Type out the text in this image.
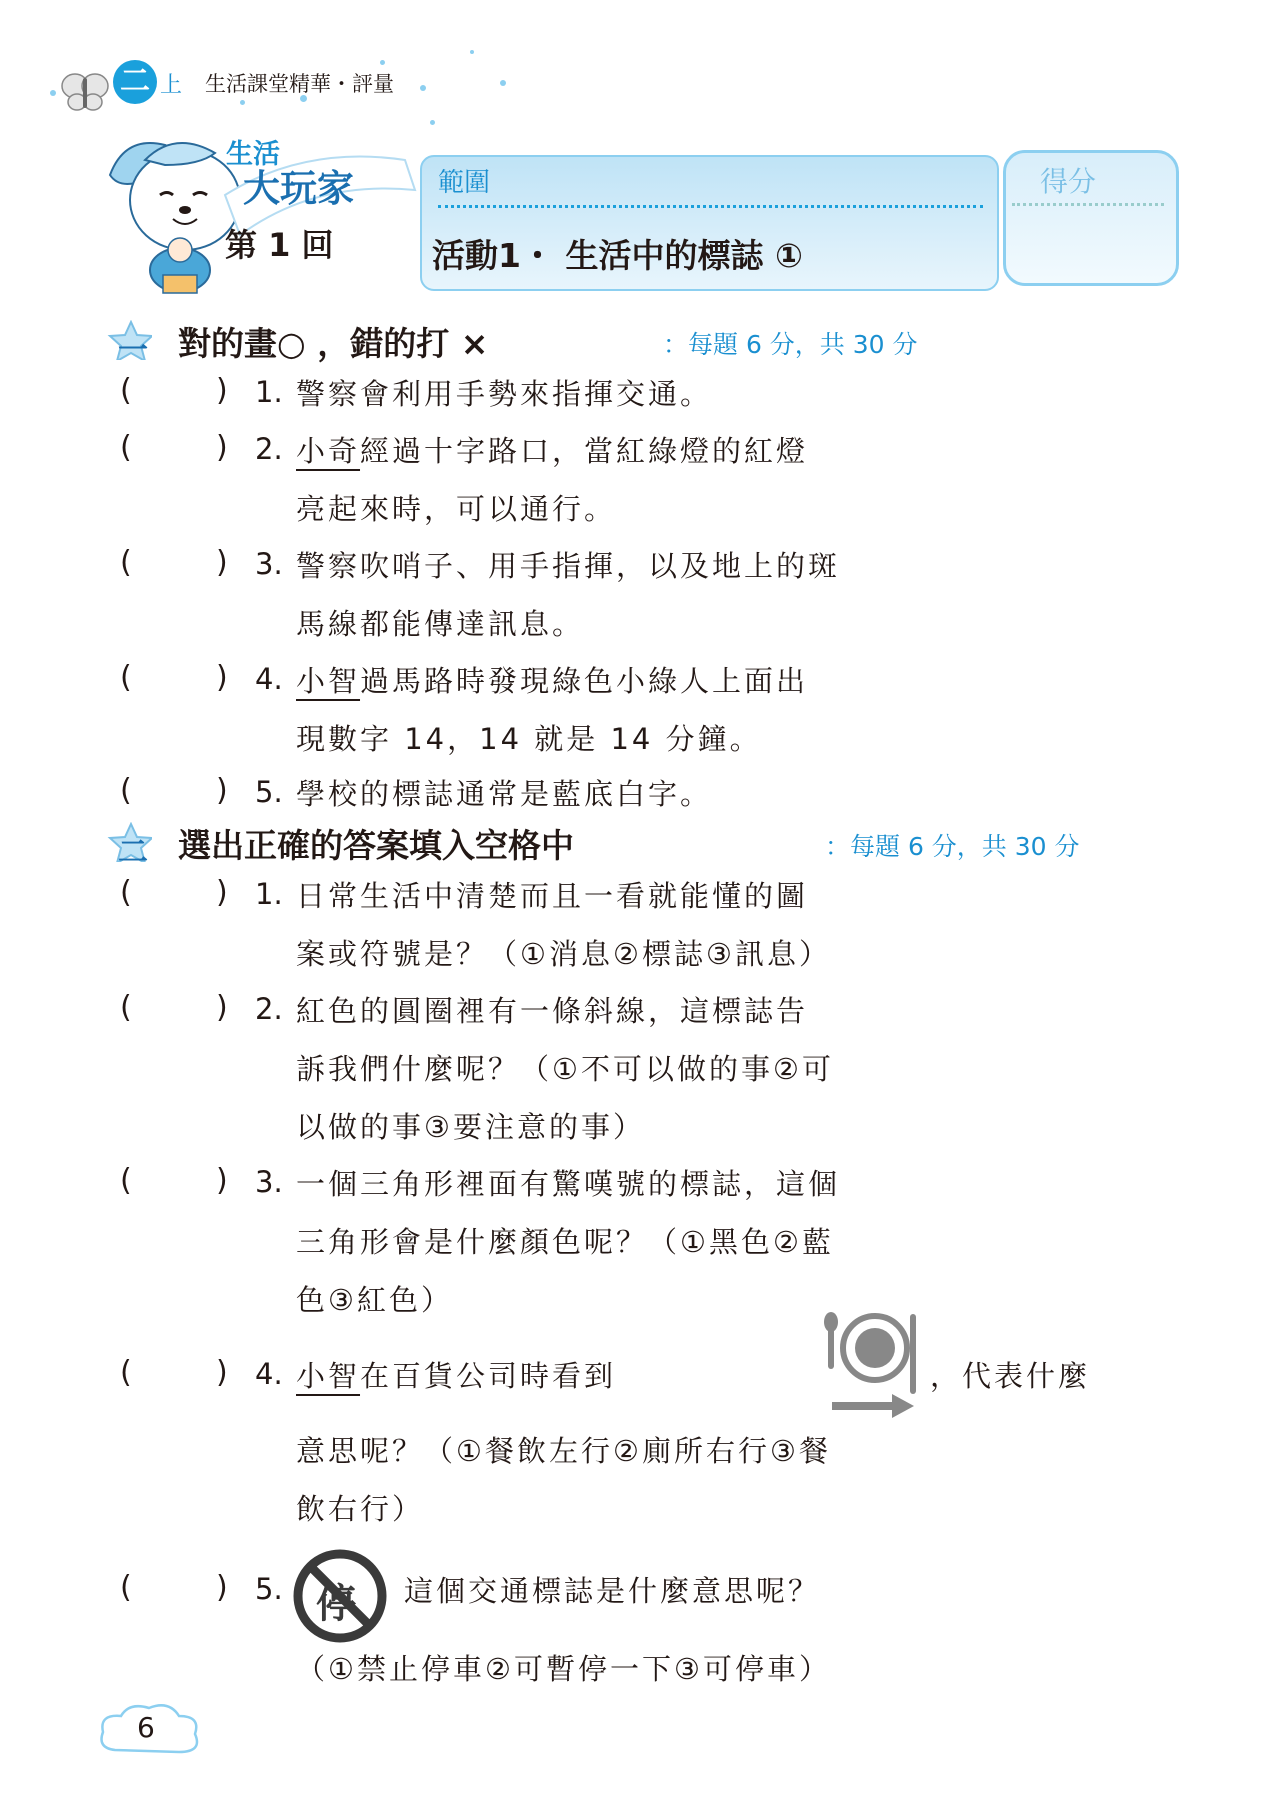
二 上 生活課堂精華・評量
生活
大玩家
第 1 回
範圍
活動1・ 生活中的標誌 ①
得分
一 對的畫○ ，錯的打 ×	：每題 6 分，共 30 分
(	) 1. 警察會利用手勢來指揮交通。
(	) 2. 小奇經過十字路口，當紅綠燈的紅燈
亮起來時，可以通行。
(	) 3. 警察吹哨子、用手指揮，以及地上的斑
馬線都能傳達訊息。
(	) 4. 小智過馬路時發現綠色小綠人上面出
現數字 14，14 就是 14 分鐘。
(	) 5. 學校的標誌通常是藍底白字。
二 選出正確的答案填入空格中	：每題 6 分，共 30 分
(	) 1. 日常生活中清楚而且一看就能懂的圖
案或符號是？（①消息②標誌③訊息）
(	) 2. 紅色的圓圈裡有一條斜線，這標誌告
訴我們什麼呢？（①不可以做的事②可
以做的事③要注意的事）
(	) 3. 一個三角形裡面有驚嘆號的標誌，這個
三角形會是什麼顏色呢？（①黑色②藍
色③紅色）
(	) 4. 小智在百貨公司時看到	，代表什麼
意思呢？（①餐飲左行②廁所右行③餐
飲右行）
(	) 5. 停 這個交通標誌是什麼意思呢？
（①禁止停車②可暫停一下③可停車）
6
